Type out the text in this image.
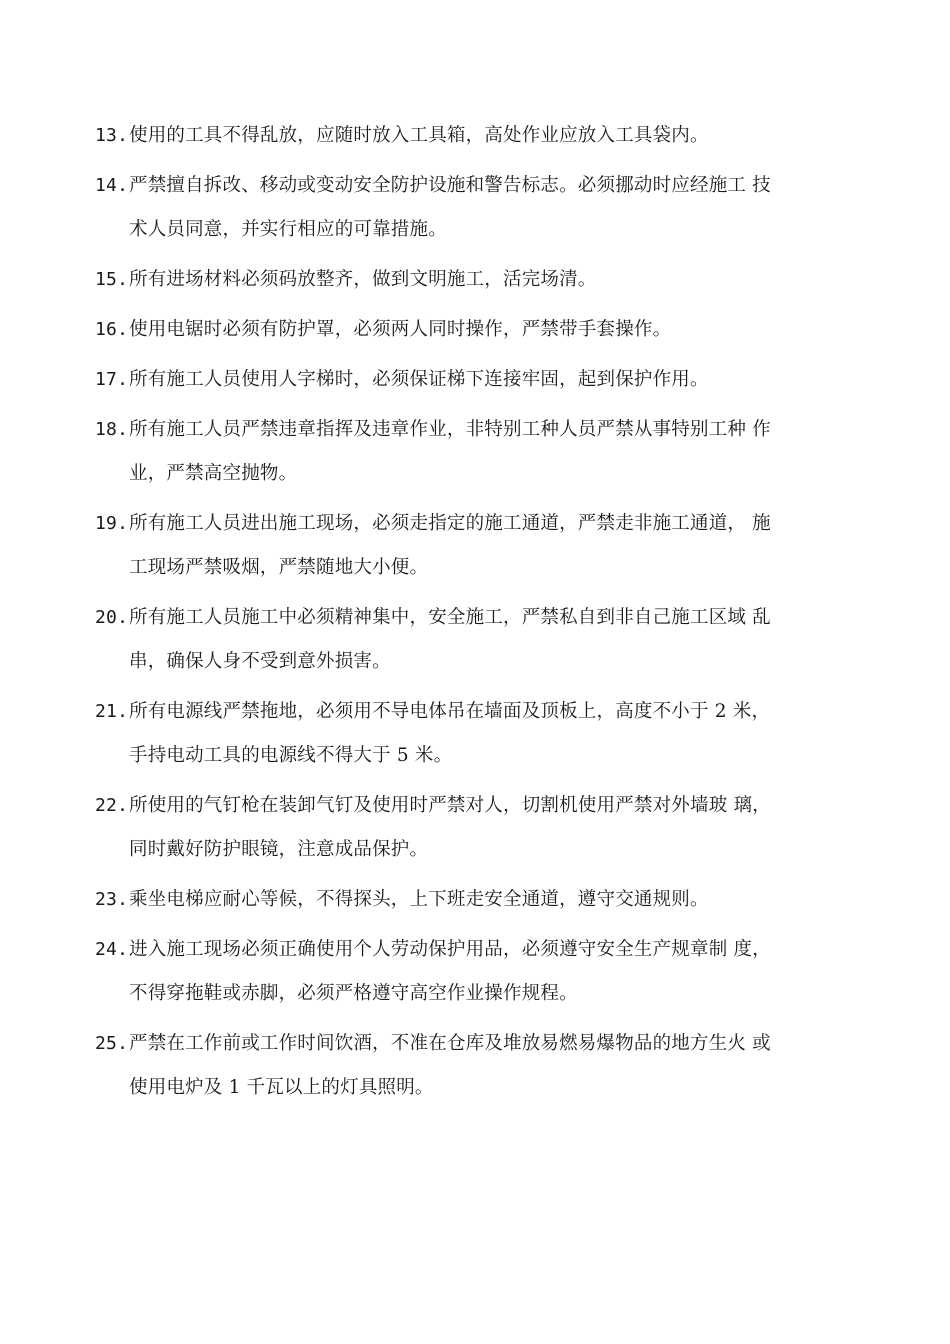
13. 使用的工具不得乱放，应随时放入工具箱，高处作业应放入工具袋内。
14. 严禁擅自拆改、移动或变动安全防护设施和警告标志。必须挪动时应经施工 技
术人员同意，并实行相应的可靠措施。
15. 所有进场材料必须码放整齐，做到文明施工，活完场清。
16. 使用电锯时必须有防护罩，必须两人同时操作，严禁带手套操作。
17. 所有施工人员使用人字梯时，必须保证梯下连接牢固，起到保护作用。
18. 所有施工人员严禁违章指挥及违章作业，非特别工种人员严禁从事特别工种 作
业，严禁高空抛物。
19. 所有施工人员进出施工现场，必须走指定的施工通道，严禁走非施工通道， 施
工现场严禁吸烟，严禁随地大小便。
20. 所有施工人员施工中必须精神集中，安全施工，严禁私自到非自己施工区域 乱
串，确保人身不受到意外损害。
21. 所有电源线严禁拖地，必须用不导电体吊在墙面及顶板上，高度不小于 2 米，
手持电动工具的电源线不得大于 5 米。
22. 所使用的气钉枪在装卸气钉及使用时严禁对人，切割机使用严禁对外墙玻 璃，
同时戴好防护眼镜，注意成品保护。
23. 乘坐电梯应耐心等候，不得探头，上下班走安全通道，遵守交通规则。
24. 进入施工现场必须正确使用个人劳动保护用品，必须遵守安全生产规章制 度，
不得穿拖鞋或赤脚，必须严格遵守高空作业操作规程。
25. 严禁在工作前或工作时间饮酒，不准在仓库及堆放易燃易爆物品的地方生火 或
使用电炉及 1 千瓦以上的灯具照明。
